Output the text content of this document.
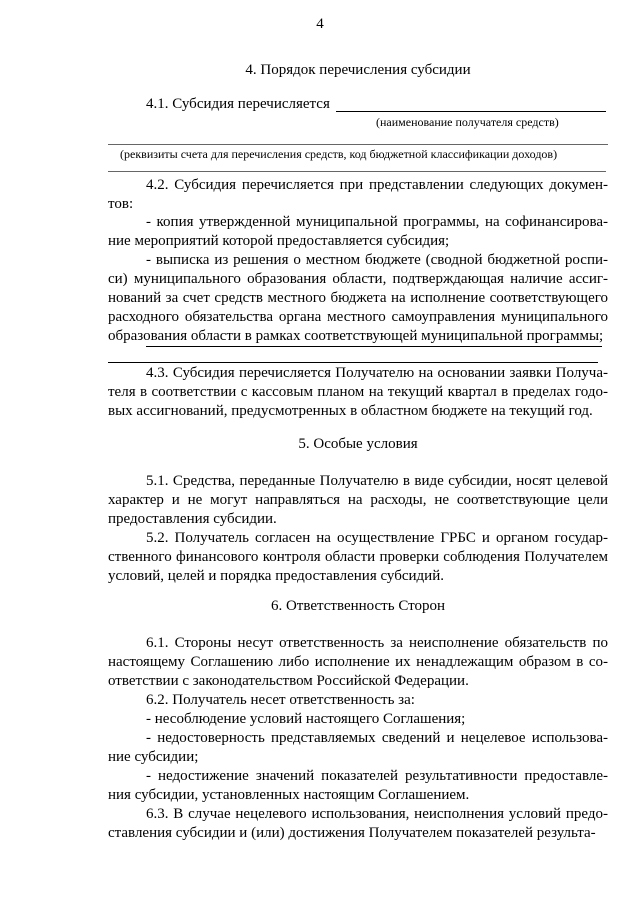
4
4. Порядок перечисления субсидии
4.1. Субсидия перечисляется
(наименование получателя средств)
(реквизиты счета для перечисления средств, код бюджетной классификации доходов)

4.2. Субсидия перечисляется при представлении следующих докумен-тов:

- копия утвержденной муниципальной программы, на софинансирова-ние мероприятий которой предоставляется субсидия;

- выписка из решения о местном бюджете (сводной бюджетной роспи-си) муниципального образования области, подтверждающая наличие ассиг-нований за счет средств местного бюджета на исполнение соответствующего расходного обязательства органа местного самоуправления муниципального образования области в рамках соответствующей муниципальной программы;

4.3. Субсидия перечисляется Получателю на основании заявки Получа-теля в соответствии с кассовым планом на текущий квартал в пределах годо-вых ассигнований, предусмотренных в областном бюджете на текущий год.

5. Особые условия

5.1. Средства, переданные Получателю в виде субсидии, носят целевой характер и не могут направляться на расходы, не соответствующие цели предоставления субсидии.

5.2. Получатель согласен на осуществление ГРБС и органом государ-ственного финансового контроля области проверки соблюдения Получателем условий, целей и порядка предоставления субсидий.

6. Ответственность Сторон

6.1. Стороны несут ответственность за неисполнение обязательств по настоящему Соглашению либо исполнение их ненадлежащим образом в со-ответствии с законодательством Российской Федерации.

6.2. Получатель несет ответственность за:

- несоблюдение условий настоящего Соглашения;

- недостоверность представляемых сведений и нецелевое использова-ние субсидии;

- недостижение значений показателей результативности предоставле-ния субсидии, установленных настоящим Соглашением.

6.3. В случае нецелевого использования, неисполнения условий предо-ставления субсидии и (или) достижения Получателем показателей результа-
